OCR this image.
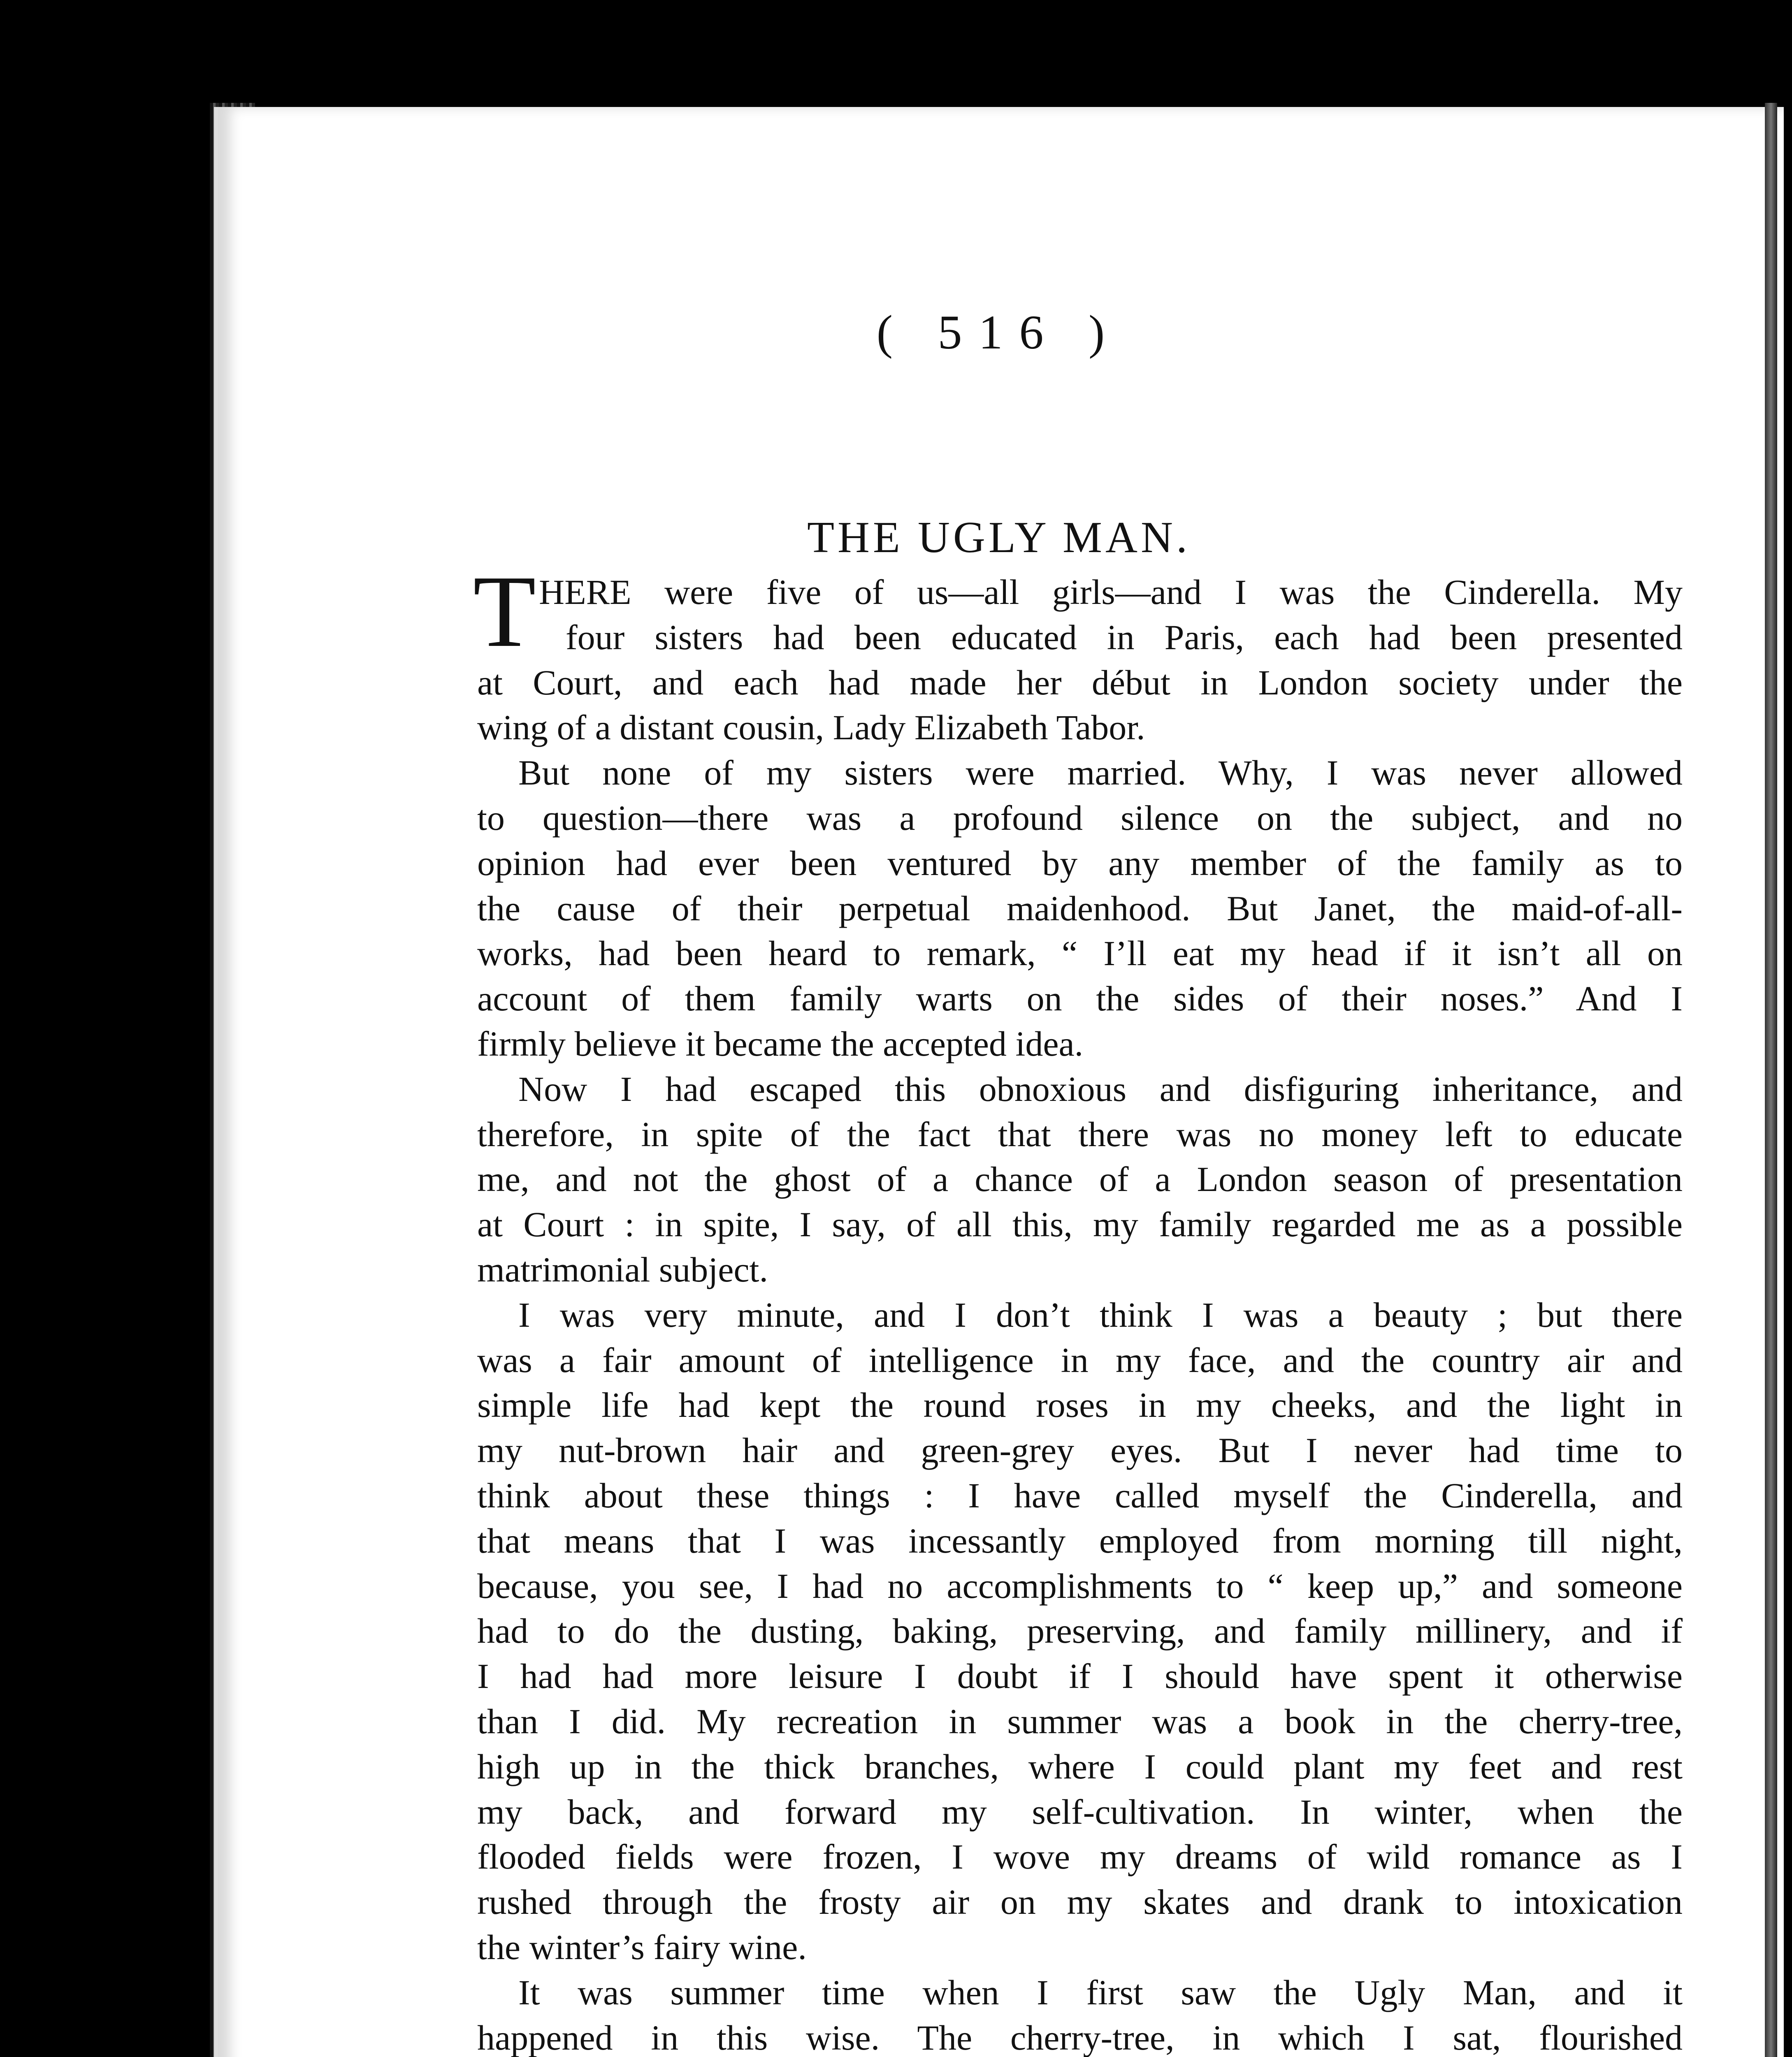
( 516 )
THE UGLY MAN.
T HERE were five of us—all girls—and I was the Cinderella. My
four sisters had been educated in Paris, each had been presented
at Court, and each had made her début in London society under the
wing of a distant cousin, Lady Elizabeth Tabor.
But none of my sisters were married. Why, I was never allowed
to question—there was a profound silence on the subject, and no
opinion had ever been ventured by any member of the family as to
the cause of their perpetual maidenhood. But Janet, the maid-of-all-
works, had been heard to remark, “ I’ll eat my head if it isn’t all on
account of them family warts on the sides of their noses.” And I
firmly believe it became the accepted idea.
Now I had escaped this obnoxious and disfiguring inheritance, and
therefore, in spite of the fact that there was no money left to educate
me, and not the ghost of a chance of a London season of presentation
at Court : in spite, I say, of all this, my family regarded me as a possible
matrimonial subject.
I was very minute, and I don’t think I was a beauty ; but there
was a fair amount of intelligence in my face, and the country air and
simple life had kept the round roses in my cheeks, and the light in
my nut-brown hair and green-grey eyes. But I never had time to
think about these things : I have called myself the Cinderella, and
that means that I was incessantly employed from morning till night,
because, you see, I had no accomplishments to “ keep up,” and someone
had to do the dusting, baking, preserving, and family millinery, and if
I had had more leisure I doubt if I should have spent it otherwise
than I did. My recreation in summer was a book in the cherry-tree,
high up in the thick branches, where I could plant my feet and rest
my back, and forward my self-cultivation. In winter, when the
flooded fields were frozen, I wove my dreams of wild romance as I
rushed through the frosty air on my skates and drank to intoxication
the winter’s fairy wine.
It was summer time when I first saw the Ugly Man, and it
happened in this wise. The cherry-tree, in which I sat, flourished
